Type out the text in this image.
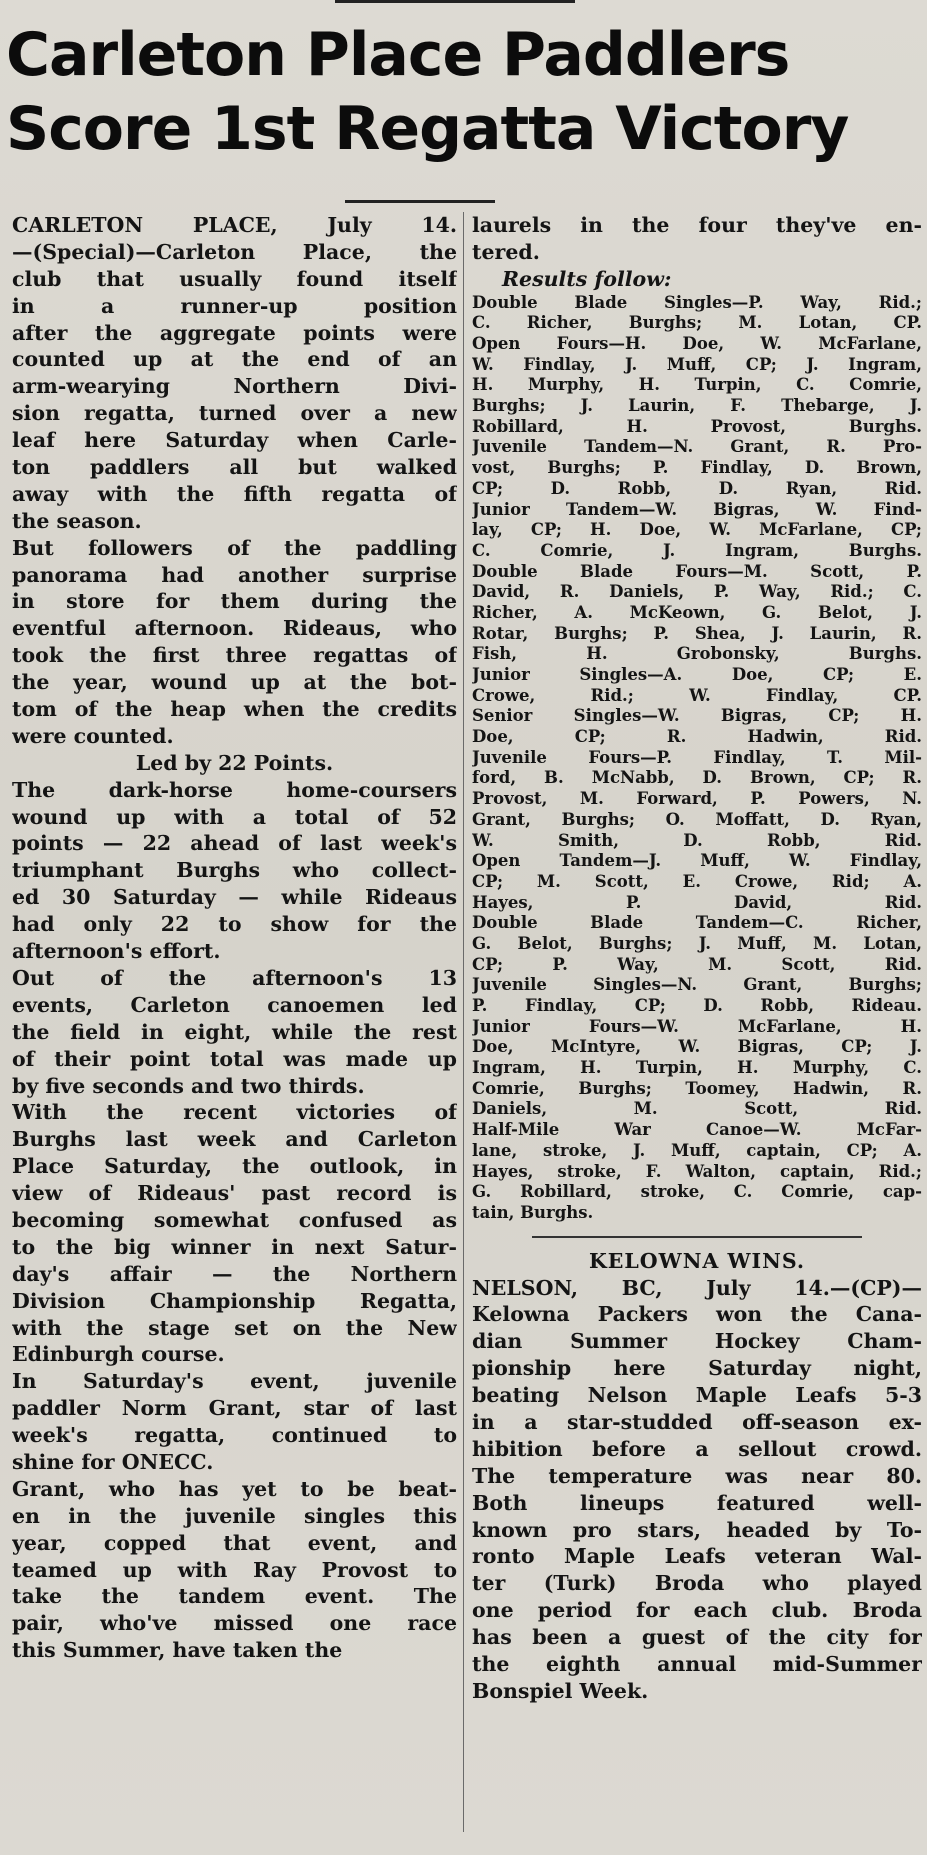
Carleton Place Paddlers
Score 1st Regatta Victory
CARLETON PLACE, July 14.
—(Special)—Carleton Place, the
club that usually found itself
in a runner-up position
after the aggregate points were
counted up at the end of an
arm-wearying Northern Divi-
sion regatta, turned over a new
leaf here Saturday when Carle-
ton paddlers all but walked
away with the fifth regatta of
the season.
But followers of the paddling
panorama had another surprise
in store for them during the
eventful afternoon. Rideaus, who
took the first three regattas of
the year, wound up at the bot-
tom of the heap when the credits
were counted.
Led by 22 Points.
The dark-horse home-coursers
wound up with a total of 52
points — 22 ahead of last week's
triumphant Burghs who collect-
ed 30 Saturday — while Rideaus
had only 22 to show for the
afternoon's effort.
Out of the afternoon's 13
events, Carleton canoemen led
the field in eight, while the rest
of their point total was made up
by five seconds and two thirds.
With the recent victories of
Burghs last week and Carleton
Place Saturday, the outlook, in
view of Rideaus' past record is
becoming somewhat confused as
to the big winner in next Satur-
day's affair — the Northern
Division Championship Regatta,
with the stage set on the New
Edinburgh course.
In Saturday's event, juvenile
paddler Norm Grant, star of last
week's regatta, continued to
shine for ONECC.
Grant, who has yet to be beat-
en in the juvenile singles this
year, copped that event, and
teamed up with Ray Provost to
take the tandem event. The
pair, who've missed one race
this Summer, have taken the
laurels in the four they've en-
tered.
Results follow:
Double Blade Singles—P. Way, Rid.;
C. Richer, Burghs; M. Lotan, CP.
Open Fours—H. Doe, W. McFarlane,
W. Findlay, J. Muff, CP; J. Ingram,
H. Murphy, H. Turpin, C. Comrie,
Burghs; J. Laurin, F. Thebarge, J.
Robillard, H. Provost, Burghs.
Juvenile Tandem—N. Grant, R. Pro-
vost, Burghs; P. Findlay, D. Brown,
CP; D. Robb, D. Ryan, Rid.
Junior Tandem—W. Bigras, W. Find-
lay, CP; H. Doe, W. McFarlane, CP;
C. Comrie, J. Ingram, Burghs.
Double Blade Fours—M. Scott, P.
David, R. Daniels, P. Way, Rid.; C.
Richer, A. McKeown, G. Belot, J.
Rotar, Burghs; P. Shea, J. Laurin, R.
Fish, H. Grobonsky, Burghs.
Junior Singles—A. Doe, CP; E.
Crowe, Rid.; W. Findlay, CP.
Senior Singles—W. Bigras, CP; H.
Doe, CP; R. Hadwin, Rid.
Juvenile Fours—P. Findlay, T. Mil-
ford, B. McNabb, D. Brown, CP; R.
Provost, M. Forward, P. Powers, N.
Grant, Burghs; O. Moffatt, D. Ryan,
W. Smith, D. Robb, Rid.
Open Tandem—J. Muff, W. Findlay,
CP; M. Scott, E. Crowe, Rid; A.
Hayes, P. David, Rid.
Double Blade Tandem—C. Richer,
G. Belot, Burghs; J. Muff, M. Lotan,
CP; P. Way, M. Scott, Rid.
Juvenile Singles—N. Grant, Burghs;
P. Findlay, CP; D. Robb, Rideau.
Junior Fours—W. McFarlane, H.
Doe, McIntyre, W. Bigras, CP; J.
Ingram, H. Turpin, H. Murphy, C.
Comrie, Burghs; Toomey, Hadwin, R.
Daniels, M. Scott, Rid.
Half-Mile War Canoe—W. McFar-
lane, stroke, J. Muff, captain, CP; A.
Hayes, stroke, F. Walton, captain, Rid.;
G. Robillard, stroke, C. Comrie, cap-
tain, Burghs.
KELOWNA WINS.
NELSON, BC, July 14.—(CP)—
Kelowna Packers won the Cana-
dian Summer Hockey Cham-
pionship here Saturday night,
beating Nelson Maple Leafs 5-3
in a star-studded off-season ex-
hibition before a sellout crowd.
The temperature was near 80.
Both lineups featured well-
known pro stars, headed by To-
ronto Maple Leafs veteran Wal-
ter (Turk) Broda who played
one period for each club. Broda
has been a guest of the city for
the eighth annual mid-Summer
Bonspiel Week.
